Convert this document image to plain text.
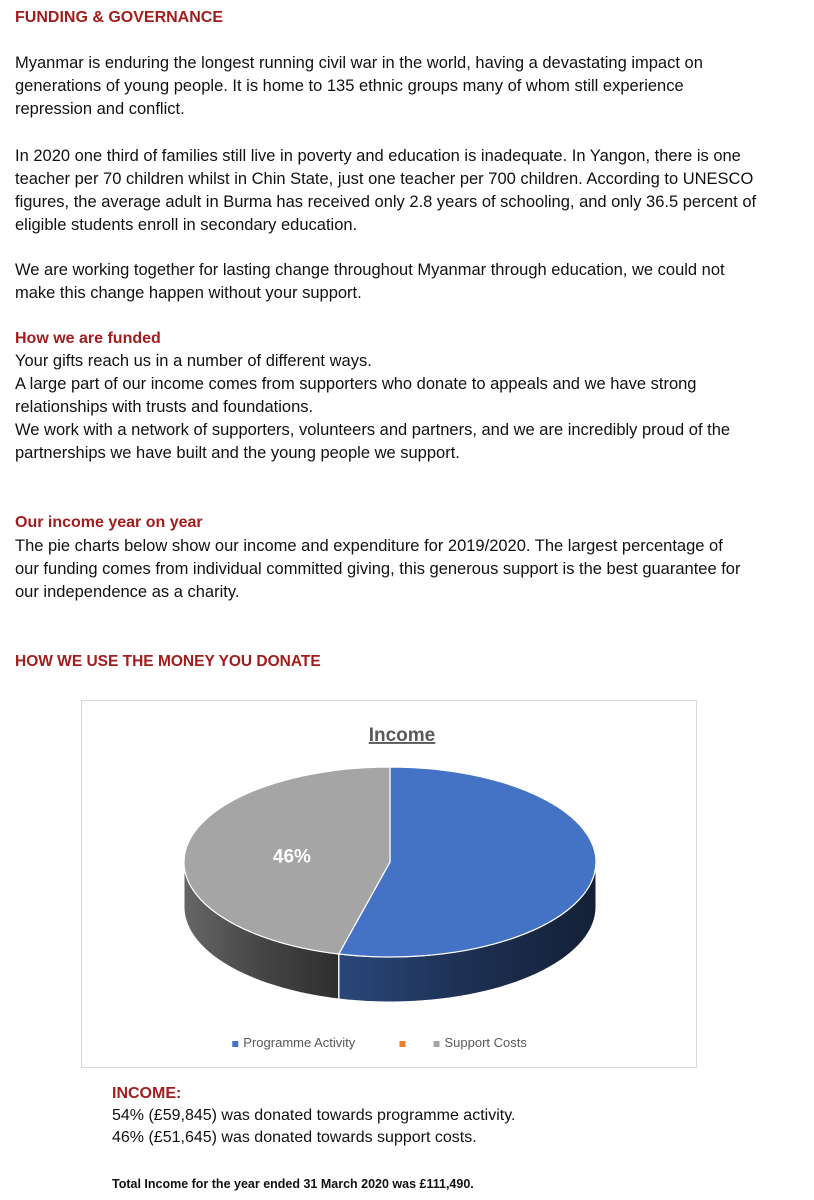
FUNDING & GOVERNANCE

Myanmar is enduring the longest running civil war in the world, having a devastating impact on
generations of young people. It is home to 135 ethnic groups many of whom still experience
repression and conflict.

In 2020 one third of families still live in poverty and education is inadequate. In Yangon, there is one
teacher per 70 children whilst in Chin State, just one teacher per 700 children. According to UNESCO
figures, the average adult in Burma has received only 2.8 years of schooling, and only 36.5 percent of
eligible students enroll in secondary education.

We are working together for lasting change throughout Myanmar through education, we could not
make this change happen without your support.

How we are funded

Your gifts reach us in a number of different ways.
A large part of our income comes from supporters who donate to appeals and we have strong
relationships with trusts and foundations.
We work with a network of supporters, volunteers and partners, and we are incredibly proud of the
partnerships we have built and the young people we support.

Our income year on year

The pie charts below show our income and expenditure for 2019/2020. The largest percentage of
our funding comes from individual committed giving, this generous support is the best guarantee for
our independence as a charity.

HOW WE USE THE MONEY YOU DONATE
46%
Income
Programme Activity	Support Costs

INCOME:

54% (£59,845) was donated towards programme activity.

46% (£51,645) was donated towards support costs.

Total Income for the year ended 31 March 2020 was £111,490.
